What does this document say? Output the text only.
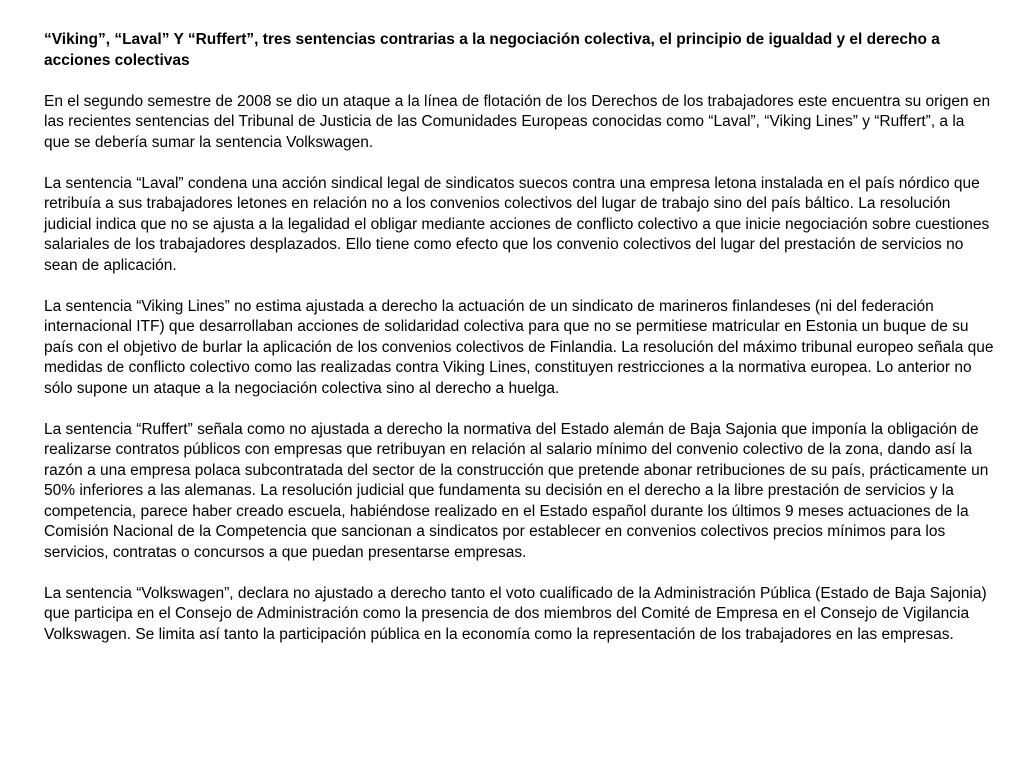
“Viking”, “Laval” Y “Ruffert”, tres sentencias contrarias a la negociación colectiva, el principio de igualdad y el derecho a acciones colectivas
En el segundo semestre de 2008 se dio un ataque a la línea de flotación de los Derechos de los trabajadores este encuentra su origen en las recientes sentencias del Tribunal de Justicia de las Comunidades Europeas conocidas como “Laval”, “Viking Lines” y “Ruffert”, a la que se debería sumar la sentencia Volkswagen.
La sentencia “Laval” condena una acción sindical legal de sindicatos suecos contra una empresa letona instalada en el país nórdico que retribuía a sus trabajadores letones en relación no a los convenios colectivos del lugar de trabajo sino del país báltico. La resolución judicial indica que no se ajusta a la legalidad el obligar mediante acciones de conflicto colectivo a que inicie negociación sobre cuestiones salariales de los trabajadores desplazados. Ello tiene como efecto que los convenio colectivos del lugar del prestación de servicios no sean de aplicación.
La sentencia “Viking Lines” no estima ajustada a derecho la actuación de un sindicato de marineros finlandeses (ni del federación internacional ITF) que desarrollaban acciones de solidaridad colectiva para que no se permitiese matricular en Estonia un buque de su país con el objetivo de burlar la aplicación de los convenios colectivos de Finlandia. La resolución del máximo tribunal europeo señala que medidas de conflicto colectivo como las realizadas contra Viking Lines, constituyen restricciones a la normativa europea. Lo anterior no sólo supone un ataque a la negociación colectiva sino al derecho a huelga.
La sentencia “Ruffert” señala como no ajustada a derecho la normativa del Estado alemán de Baja Sajonia que imponía la obligación de realizarse contratos públicos con empresas que retribuyan en relación al salario mínimo del convenio colectivo de la zona, dando así la razón a una empresa polaca subcontratada del sector de la construcción que pretende abonar retribuciones de su país, prácticamente un 50% inferiores a las alemanas. La resolución judicial que fundamenta su decisión en el derecho a la libre prestación de servicios y la competencia, parece haber creado escuela, habiéndose realizado en el Estado español durante los últimos 9 meses actuaciones de la Comisión Nacional de la Competencia que sancionan a sindicatos por establecer en convenios colectivos precios mínimos para los servicios, contratas o concursos a que puedan presentarse empresas.
La sentencia “Volkswagen”, declara no ajustado a derecho tanto el voto cualificado de la Administración Pública (Estado de Baja Sajonia) que participa en el Consejo de Administración como la presencia de dos miembros del Comité de Empresa en el Consejo de Vigilancia Volkswagen. Se limita así tanto la participación pública en la economía como la representación de los trabajadores en las empresas.
